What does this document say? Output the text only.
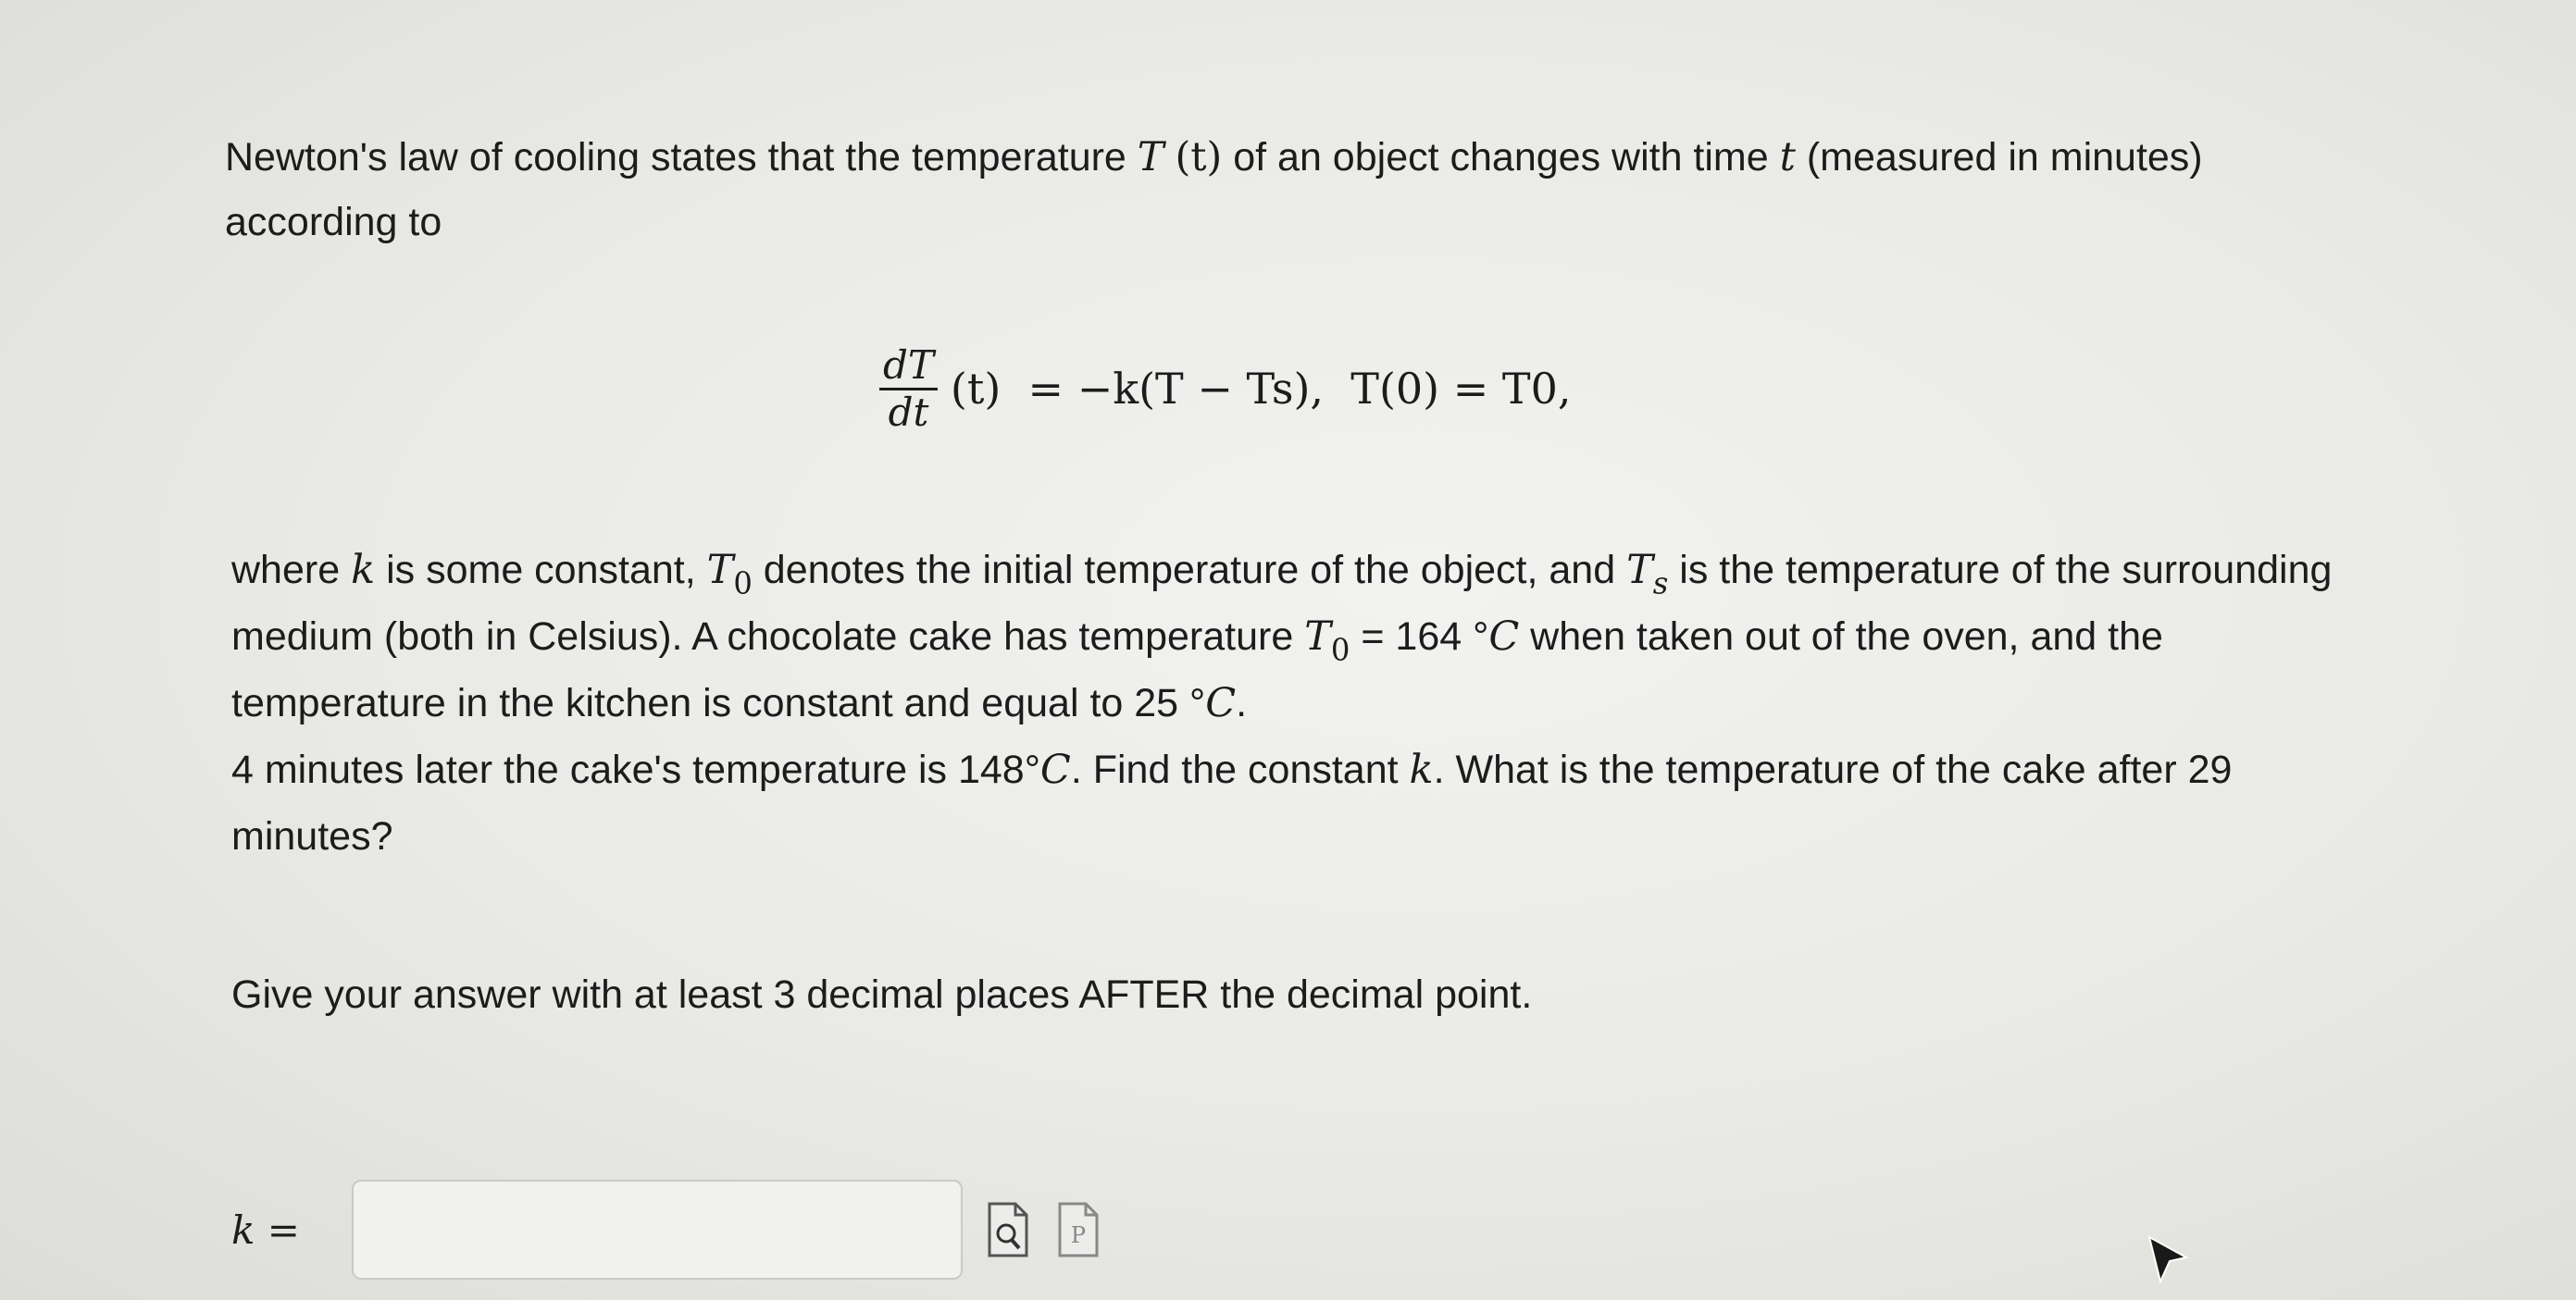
Newton's law of cooling states that the temperature T (t) of an object changes with time t (measured in minutes) according to
$\frac{dT}{dt} (t) = -k(T - Ts)$,  T(0) = T0,
where k is some constant, $T_0$ denotes the initial temperature of the object, and $T_s$ is the temperature of the surrounding medium (both in Celsius). A chocolate cake has temperature $T_0 = 164$ °C when taken out of the oven, and the temperature in the kitchen is constant and equal to 25 °C.
4 minutes later the cake's temperature is 148°C. Find the constant k. What is the temperature of the cake after 29 minutes?
Give your answer with at least 3 decimal places AFTER the decimal point.
k =	P
